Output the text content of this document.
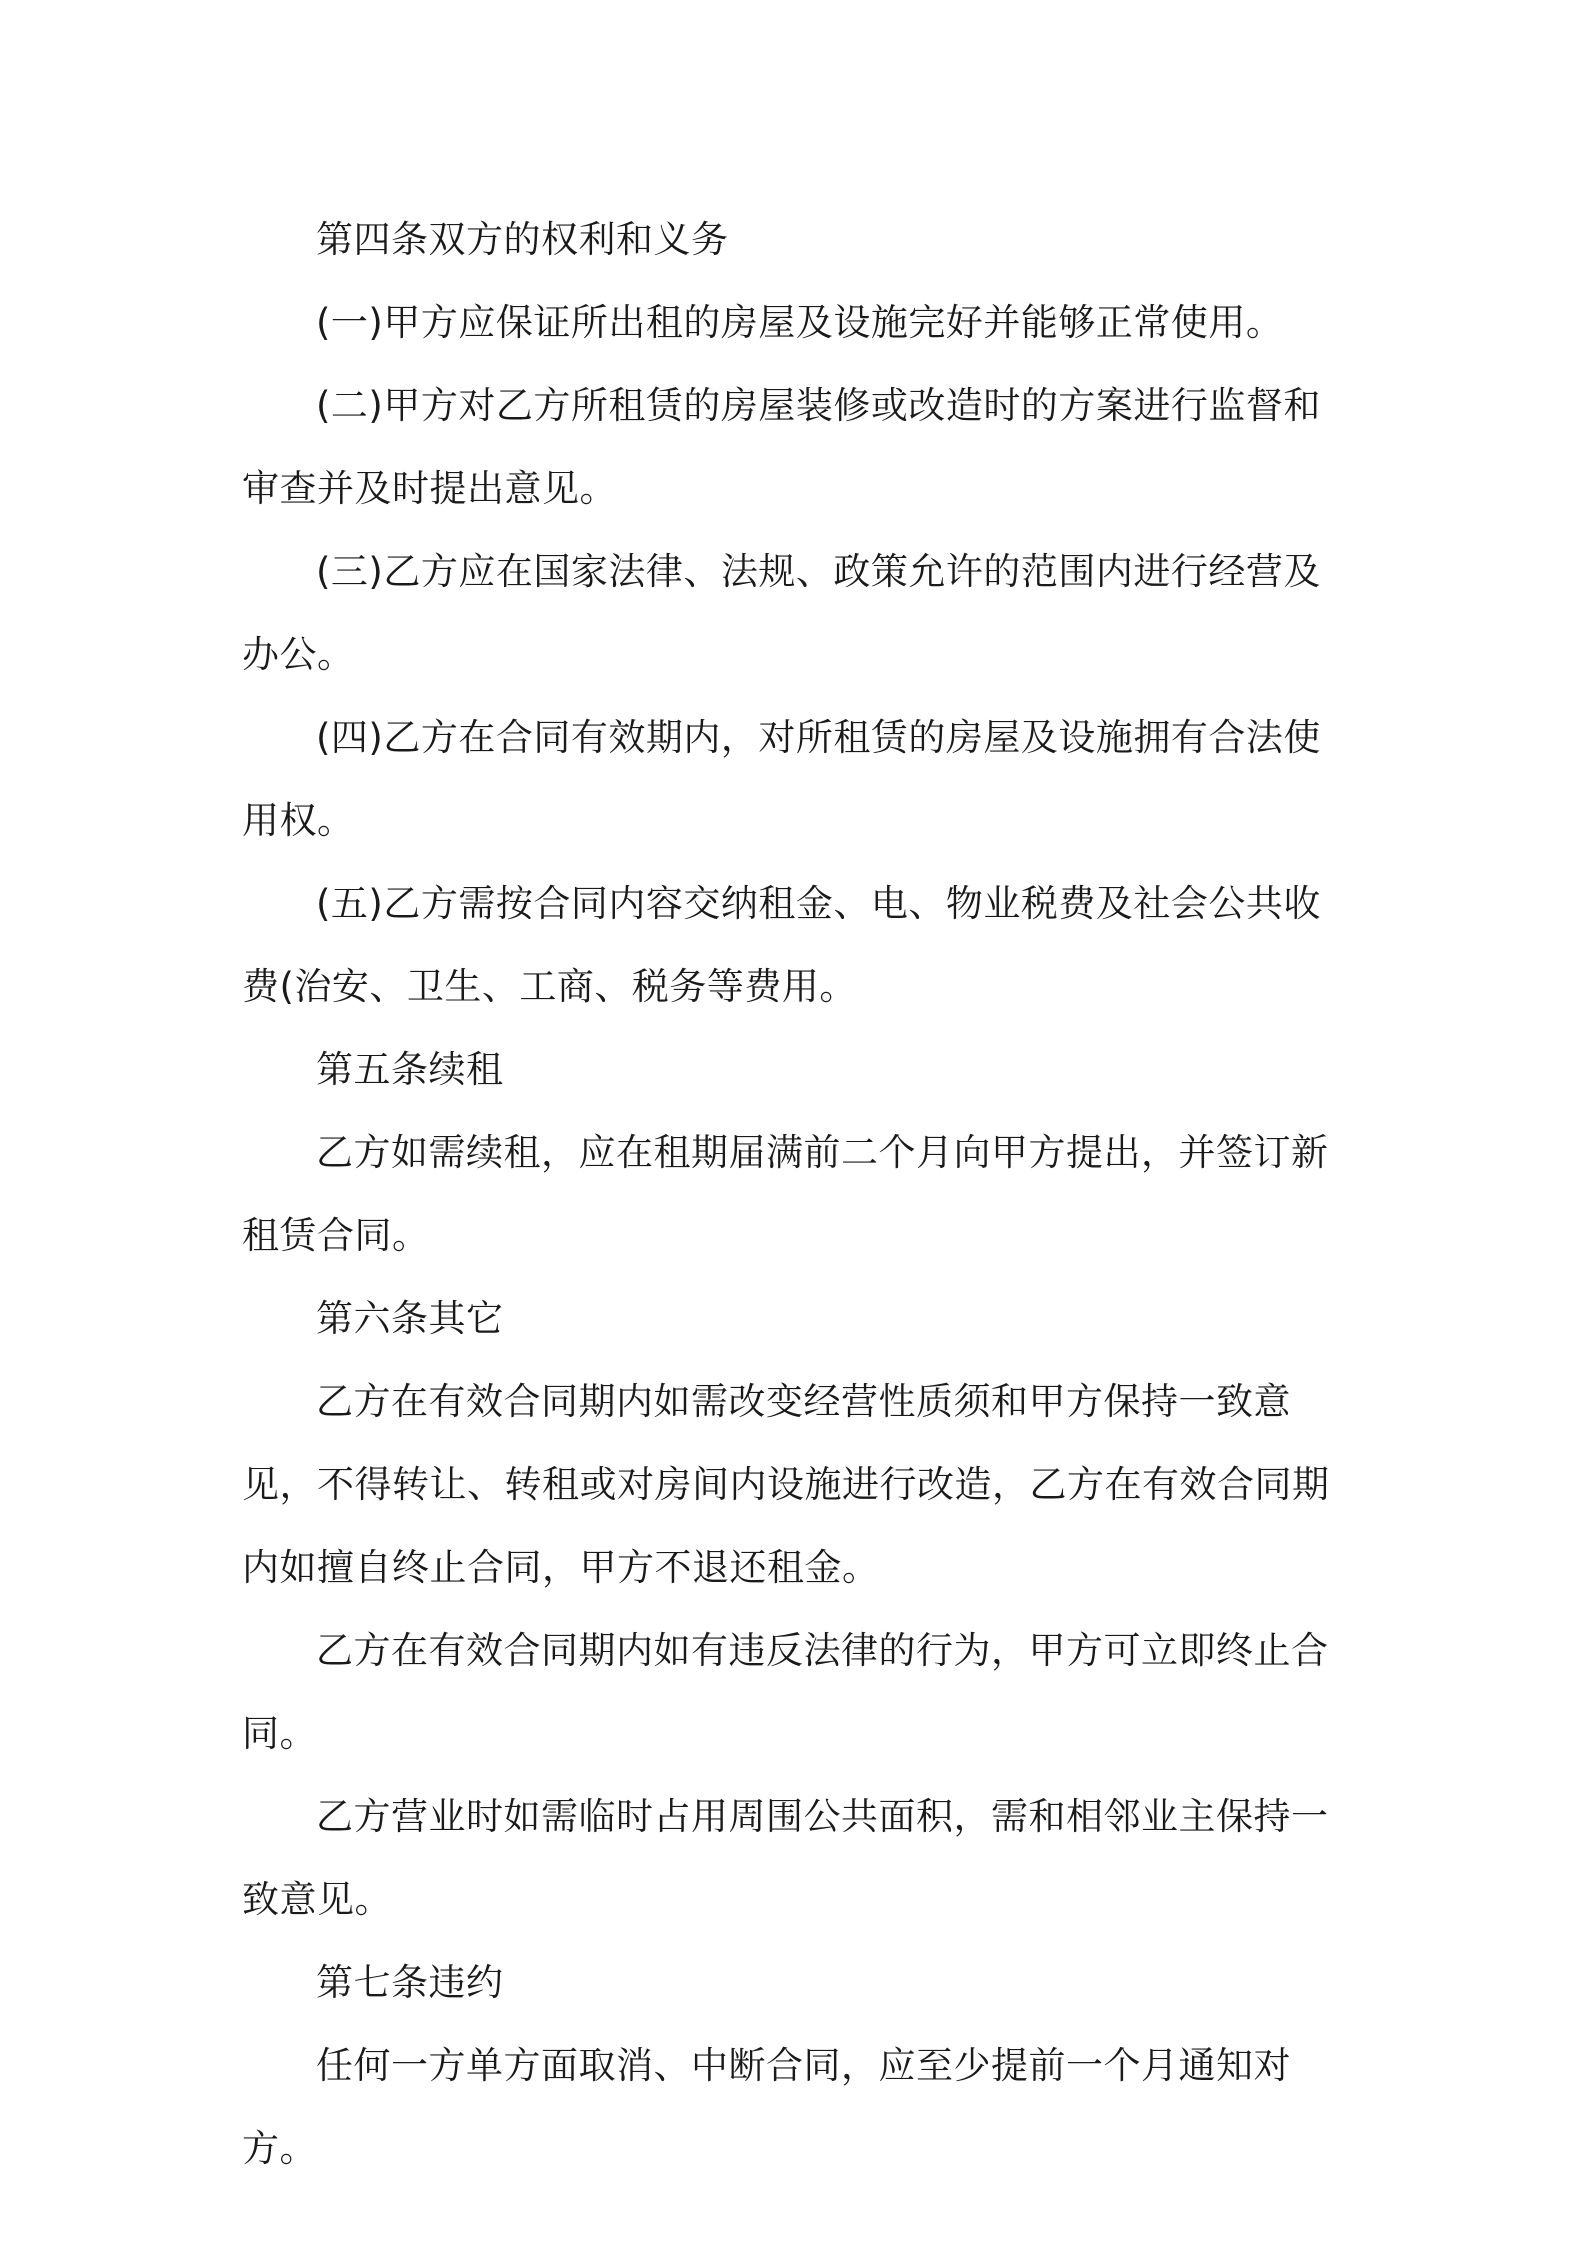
第四条双方的权利和义务

(一)甲方应保证所出租的房屋及设施完好并能够正常使用。

(二)甲方对乙方所租赁的房屋装修或改造时的方案进行监督和审查并及时提出意见。

(三)乙方应在国家法律、法规、政策允许的范围内进行经营及办公。

(四)乙方在合同有效期内，对所租赁的房屋及设施拥有合法使用权。

(五)乙方需按合同内容交纳租金、电、物业税费及社会公共收费(治安、卫生、工商、税务等费用。

第五条续租

乙方如需续租，应在租期届满前二个月向甲方提出，并签订新租赁合同。

第六条其它

乙方在有效合同期内如需改变经营性质须和甲方保持一致意见，不得转让、转租或对房间内设施进行改造，乙方在有效合同期内如擅自终止合同，甲方不退还租金。

乙方在有效合同期内如有违反法律的行为，甲方可立即终止合同。

乙方营业时如需临时占用周围公共面积，需和相邻业主保持一致意见。

第七条违约

任何一方单方面取消、中断合同，应至少提前一个月通知对方。
